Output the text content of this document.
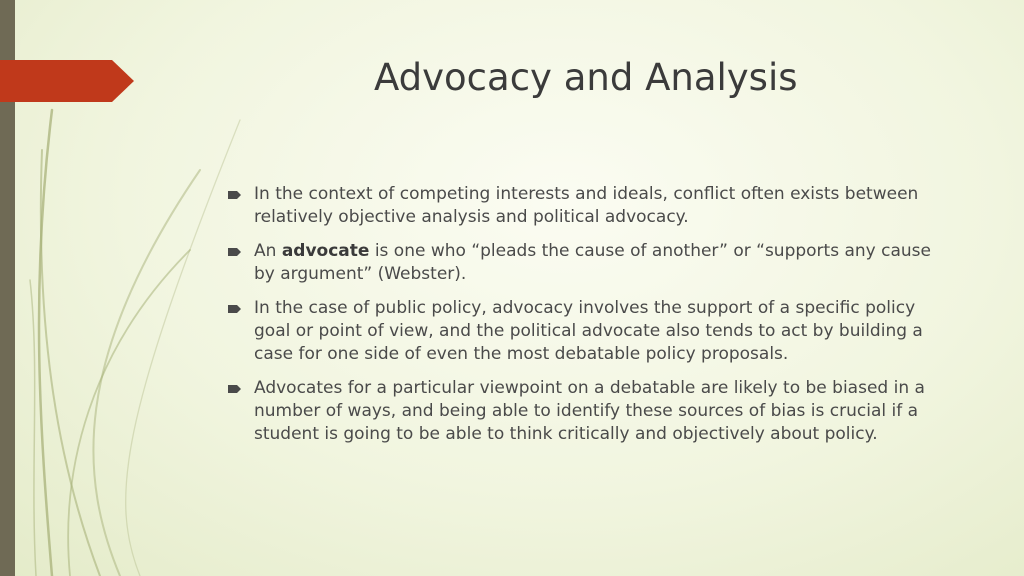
Advocacy and Analysis
In the context of competing interests and ideals, conflict often exists between relatively objective analysis and political advocacy.
An advocate is one who “pleads the cause of another” or “supports any cause by argument” (Webster).
In the case of public policy, advocacy involves the support of a specific policy goal or point of view, and the political advocate also tends to act by building a case for one side of even the most debatable policy proposals.
Advocates for a particular viewpoint on a debatable are likely to be biased in a number of ways, and being able to identify these sources of bias is crucial if a student is going to be able to think critically and objectively about policy.
